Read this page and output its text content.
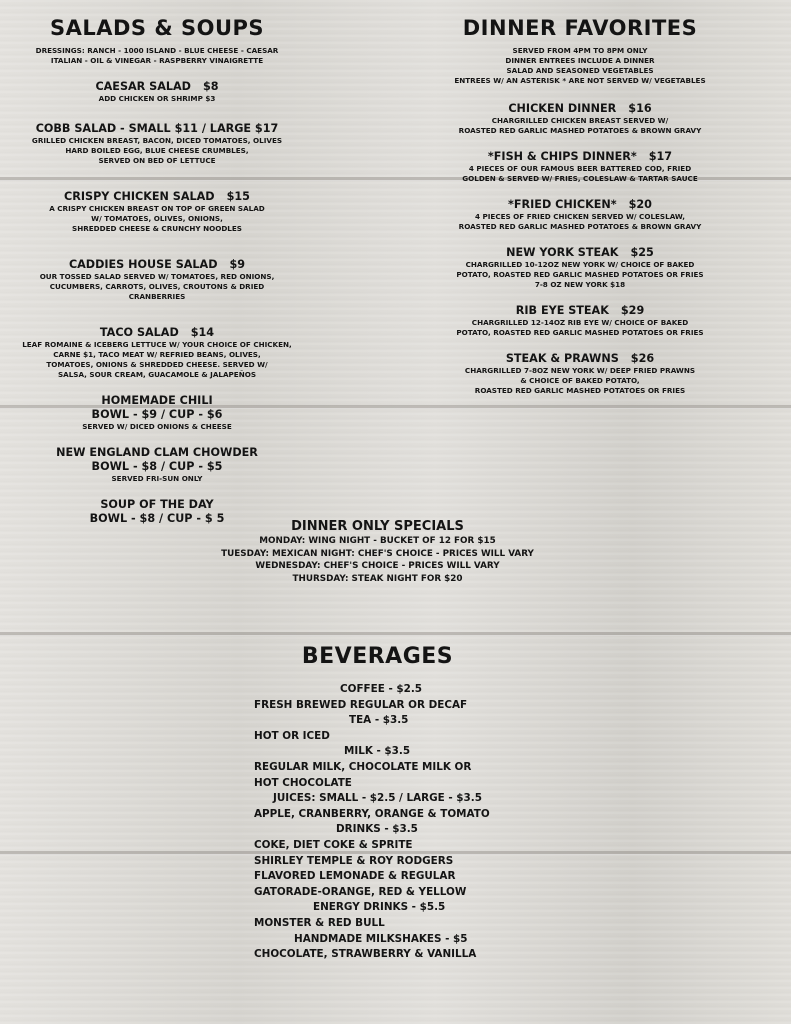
SALADS & SOUPS
DRESSINGS: RANCH - 1000 ISLAND - BLUE CHEESE - CAESAR
ITALIAN - OIL & VINEGAR - RASPBERRY VINAIGRETTE
CAESAR SALAD $8
ADD CHICKEN OR SHRIMP $3
COBB SALAD - SMALL $11 / LARGE $17
GRILLED CHICKEN BREAST, BACON, DICED TOMATOES, OLIVES
HARD BOILED EGG, BLUE CHEESE CRUMBLES,
SERVED ON BED OF LETTUCE
CRISPY CHICKEN SALAD $15
A CRISPY CHICKEN BREAST ON TOP OF GREEN SALAD
W/ TOMATOES, OLIVES, ONIONS,
SHREDDED CHEESE & CRUNCHY NOODLES
CADDIES HOUSE SALAD $9
OUR TOSSED SALAD SERVED W/ TOMATOES, RED ONIONS,
CUCUMBERS, CARROTS, OLIVES, CROUTONS & DRIED CRANBERRIES
TACO SALAD $14
LEAF ROMAINE & ICEBERG LETTUCE W/ YOUR CHOICE OF CHICKEN,
CARNE $1, TACO MEAT W/ REFRIED BEANS, OLIVES,
TOMATOES, ONIONS & SHREDDED CHEESE. SERVED W/
SALSA, SOUR CREAM, GUACAMOLE & JALAPEÑOS
HOMEMADE CHILI
BOWL - $9 / CUP - $6
SERVED W/ DICED ONIONS & CHEESE
NEW ENGLAND CLAM CHOWDER
BOWL - $8 / CUP - $5
SERVED FRI-SUN ONLY
SOUP OF THE DAY
BOWL - $8 / CUP - $ 5
DINNER FAVORITES
SERVED FROM 4PM TO 8PM ONLY
DINNER ENTREES INCLUDE A DINNER
SALAD AND SEASONED VEGETABLES
ENTREES W/ AN ASTERISK * ARE NOT SERVED W/ VEGETABLES
CHICKEN DINNER $16
CHARGRILLED CHICKEN BREAST SERVED W/
ROASTED RED GARLIC MASHED POTATOES & BROWN GRAVY
*FISH & CHIPS DINNER* $17
4 PIECES OF OUR FAMOUS BEER BATTERED COD, FRIED
GOLDEN & SERVED W/ FRIES, COLESLAW & TARTAR SAUCE
*FRIED CHICKEN* $20
4 PIECES OF FRIED CHICKEN SERVED W/ COLESLAW,
ROASTED RED GARLIC MASHED POTATOES & BROWN GRAVY
NEW YORK STEAK $25
CHARGRILLED 10-12OZ NEW YORK W/ CHOICE OF BAKED
POTATO, ROASTED RED GARLIC MASHED POTATOES OR FRIES
7-8 OZ NEW YORK $18
RIB EYE STEAK $29
CHARGRILLED 12-14OZ RIB EYE W/ CHOICE OF BAKED
POTATO, ROASTED RED GARLIC MASHED POTATOES OR FRIES
STEAK & PRAWNS $26
CHARGRILLED 7-8OZ NEW YORK W/ DEEP FRIED PRAWNS
& CHOICE OF BAKED POTATO,
ROASTED RED GARLIC MASHED POTATOES OR FRIES
DINNER ONLY SPECIALS
MONDAY: WING NIGHT - BUCKET OF 12 FOR $15
TUESDAY: MEXICAN NIGHT: CHEF'S CHOICE - PRICES WILL VARY
WEDNESDAY: CHEF'S CHOICE - PRICES WILL VARY
THURSDAY: STEAK NIGHT FOR $20
BEVERAGES
COFFEE - $2.5
FRESH BREWED REGULAR OR DECAF
TEA - $3.5
HOT OR ICED
MILK - $3.5
REGULAR MILK, CHOCOLATE MILK OR
HOT CHOCOLATE
JUICES: SMALL - $2.5 / LARGE - $3.5
APPLE, CRANBERRY, ORANGE & TOMATO
DRINKS - $3.5
COKE, DIET COKE & SPRITE
SHIRLEY TEMPLE & ROY RODGERS
FLAVORED LEMONADE & REGULAR
GATORADE-ORANGE, RED & YELLOW
ENERGY DRINKS - $5.5
MONSTER & RED BULL
HANDMADE MILKSHAKES - $5
CHOCOLATE, STRAWBERRY & VANILLA
